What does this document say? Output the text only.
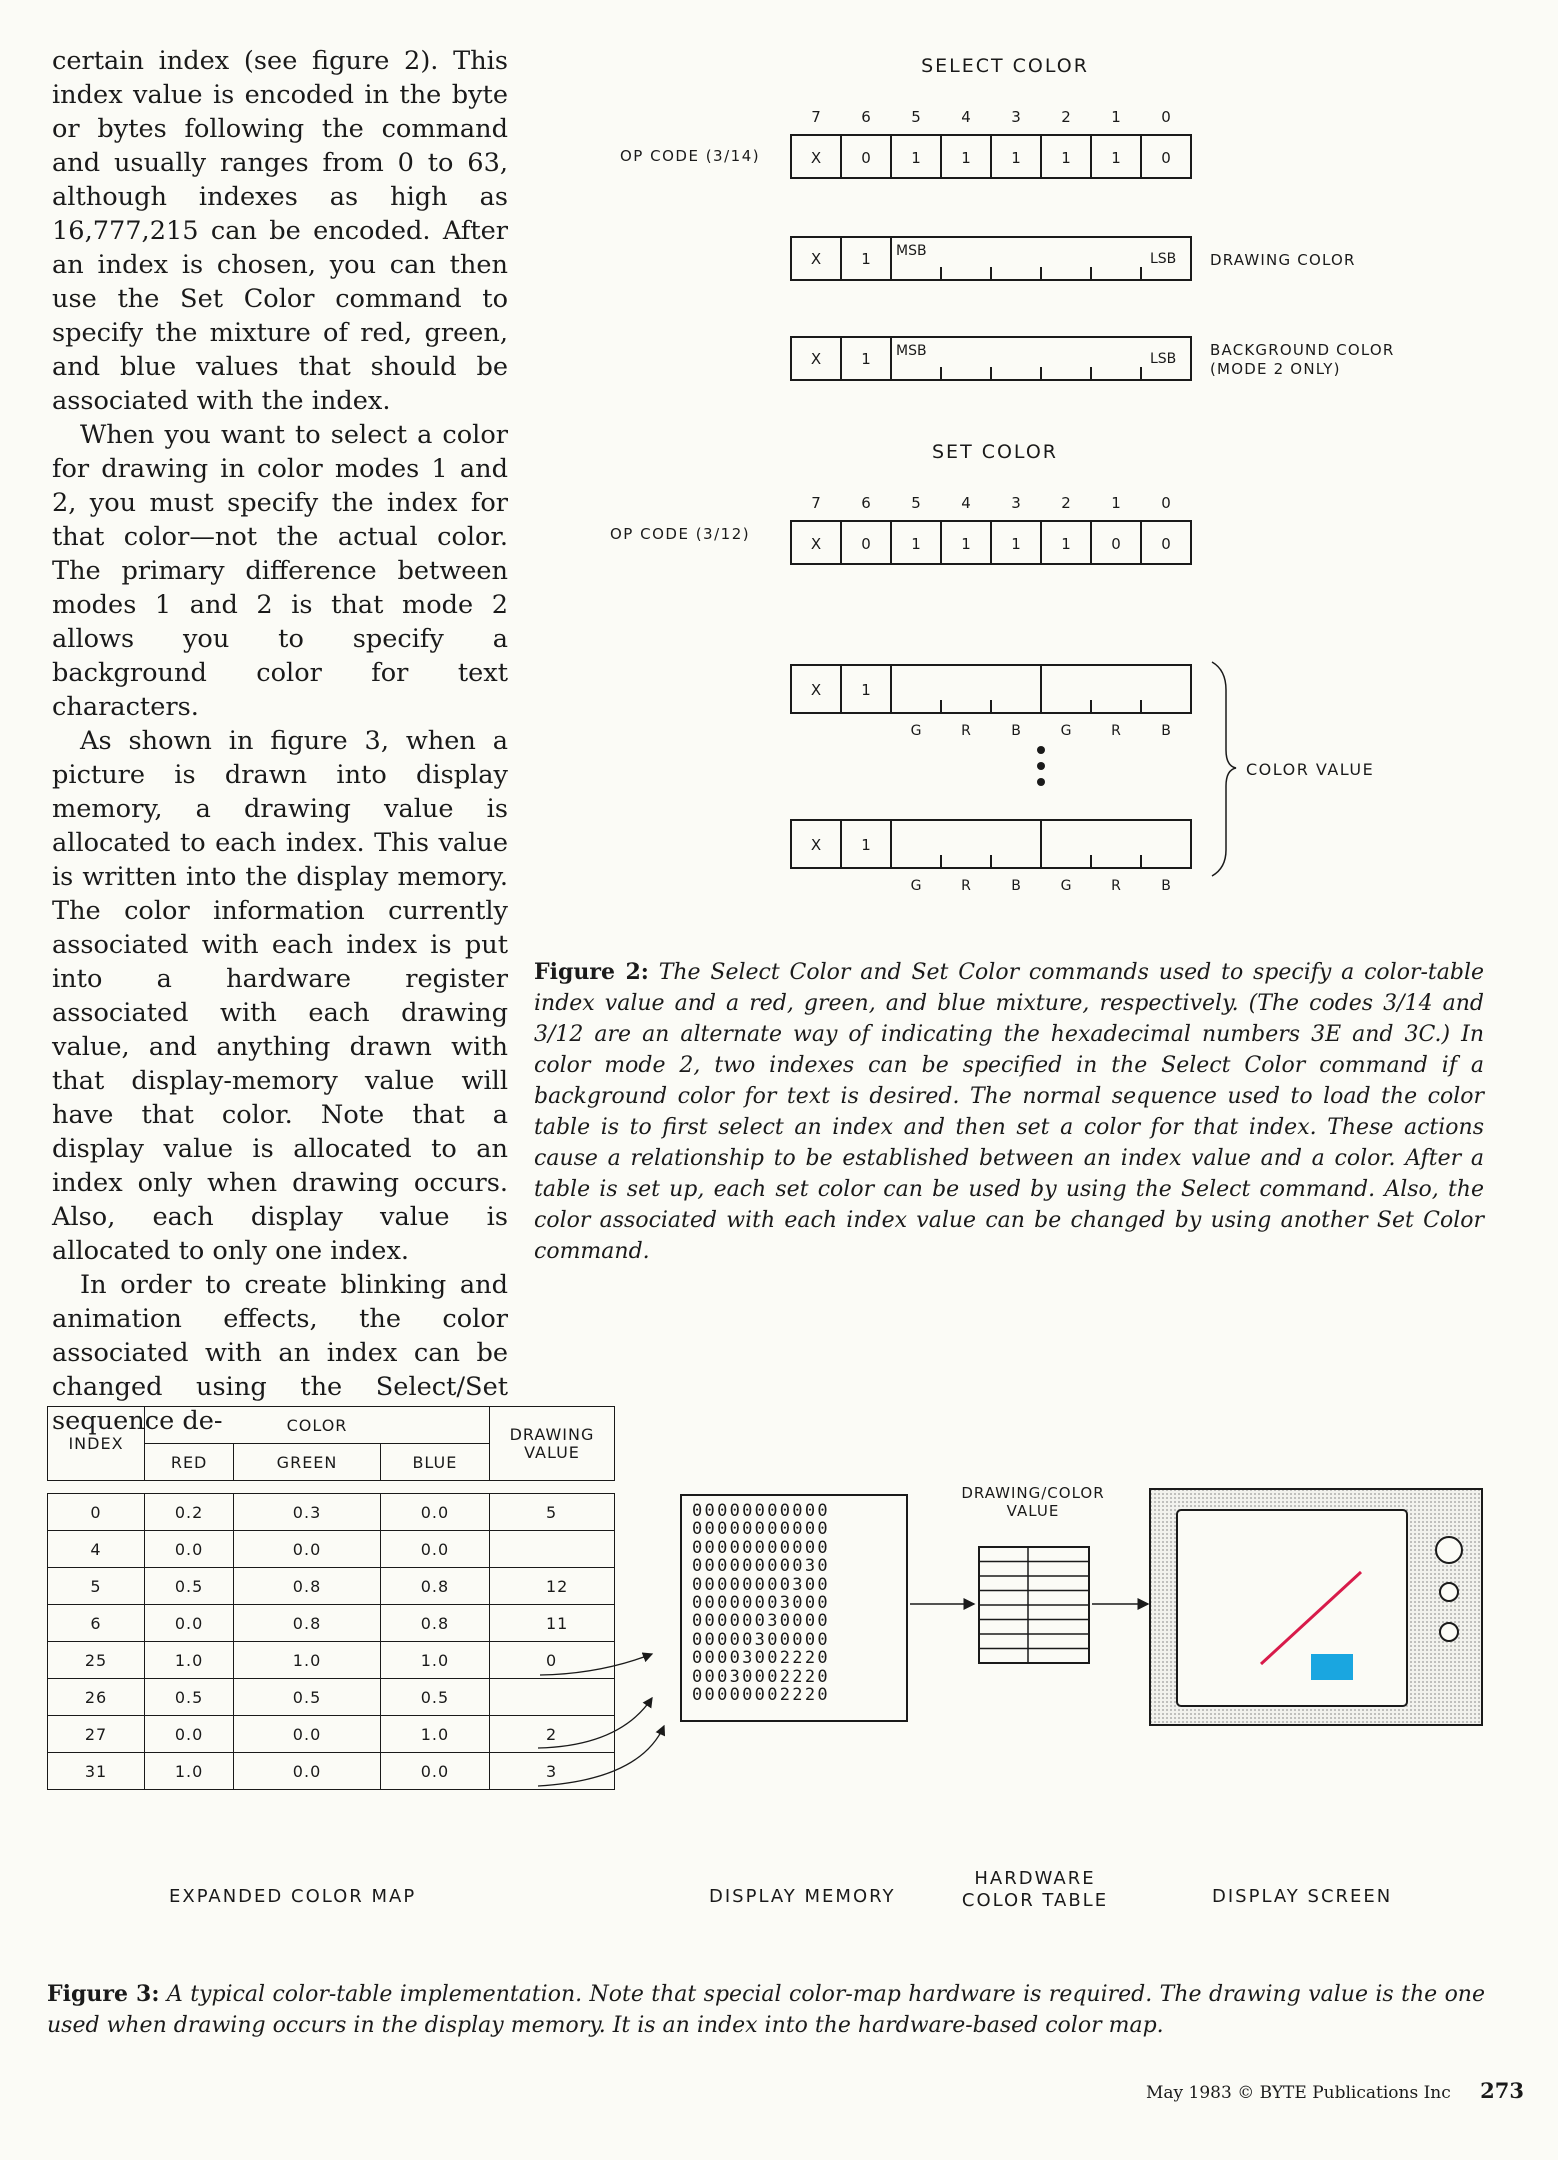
certain index (see figure 2). This index value is encoded in the byte or bytes following the command and usually ranges from 0 to 63, although indexes as high as 16,777,215 can be encoded. After an index is chosen, you can then use the Set Color command to specify the mixture of red, green, and blue values that should be associated with the index.

When you want to select a color for drawing in color modes 1 and 2, you must specify the index for that color—not the actual color. The primary difference between modes 1 and 2 is that mode 2 allows you to specify a background color for text characters.

As shown in figure 3, when a picture is drawn into display memory, a drawing value is allocated to each index. This value is written into the display memory. The color information currently associated with each index is put into a hardware register associated with each drawing value, and anything drawn with that display-memory value will have that color. Note that a display value is allocated to an index only when drawing occurs. Also, each display value is allocated to only one index.

In order to create blinking and animation effects, the color associated with an index can be changed using the Select/Set sequence de-

SELECT COLOR
7	6	5	4	3	2	1	0
OP CODE (3/14)	X	0	1	1	1	1	1	0
X	1 MSB	LSB DRAWING COLOR
X	1 MSB	LSB BACKGROUND COLOR
(MODE 2 ONLY)
SET COLOR
7	6	5	4	3	2	1	0
OP CODE (3/12)
X	0	1	1	1	1	0	0
X	1
G	R	B	G	R	B
X	1
G	R	B	G	R	B
COLOR VALUE
Figure 2: The Select Color and Set Color commands used to specify a color-table index value and a red, green, and blue mixture, respectively. (The codes 3/14 and 3/12 are an alternate way of indicating the hexadecimal numbers 3E and 3C.) In color mode 2, two indexes can be specified in the Select Color command if a background color for text is desired. The normal sequence used to load the color table is to first select an index and then set a color for that index. These actions cause a relationship to be established between an index value and a color. After a table is set up, each set color can be used by using the Select command. Also, the color associated with each index value can be changed by using another Set Color command.
INDEX	COLOR			DRAWING VALUE
	RED	GREEN	BLUE	

0	0.2	0.3	0.0	5
4	0.0	0.0	0.0	
5	0.5	0.8	0.8	12
6	0.0	0.8	0.8	11
25	1.0	1.0	1.0	0
26	0.5	0.5	0.5	
27	0.0	0.0	1.0	2
31	1.0	0.0	0.0	3
00000000000
00000000000
00000000000
00000000030
00000000300
00000003000
00000030000
00000300000
00003002220
00030002220
00000002220
DRAWING/COLOR
VALUE
EXPANDED COLOR MAP	DISPLAY MEMORY
HARDWARE
COLOR TABLE	DISPLAY SCREEN
Figure 3: A typical color-table implementation. Note that special color-map hardware is required. The drawing value is the one used when drawing occurs in the display memory. It is an index into the hardware-based color map.
May 1983 © BYTE Publications Inc 273
